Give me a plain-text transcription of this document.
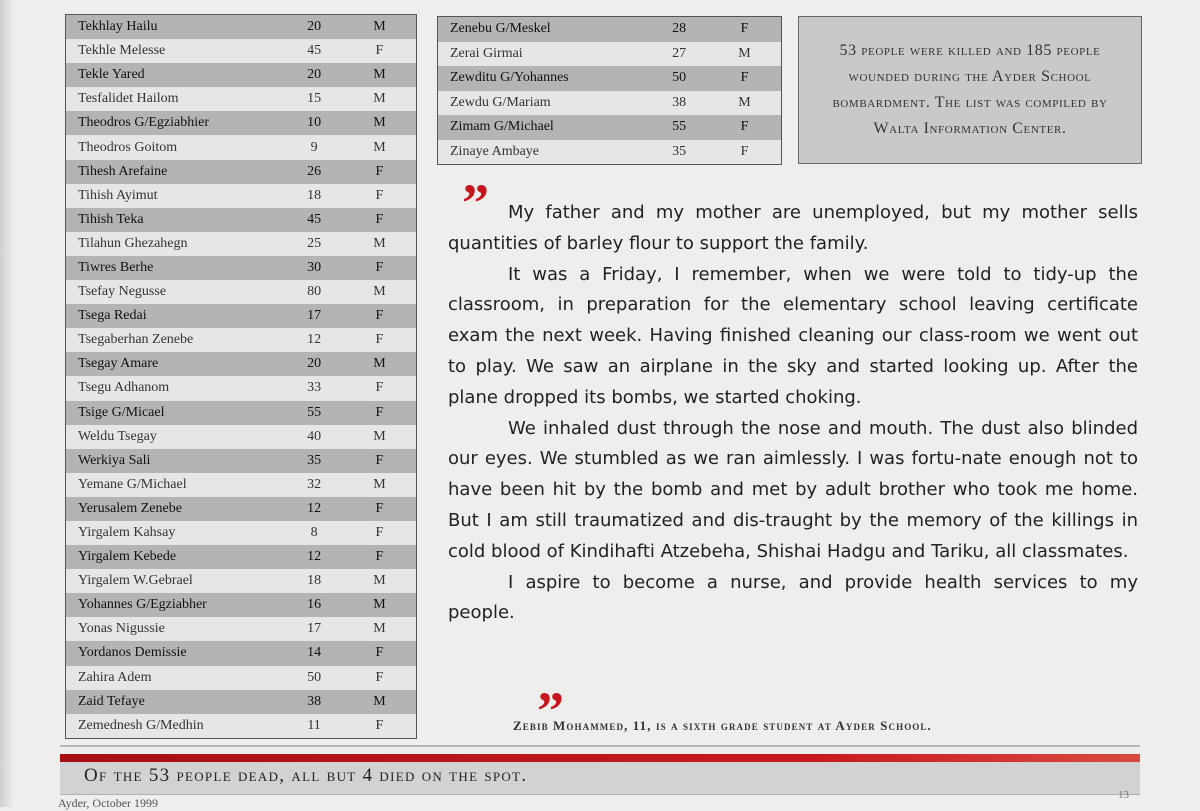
Tekhlay Hailu	20	M
Tekhle Melesse	45	F
Tekle Yared	20	M
Tesfalidet Hailom	15	M
Theodros G/Egziabhier	10	M
Theodros Goitom	9	M
Tihesh Arefaine	26	F
Tihish Ayimut	18	F
Tihish Teka	45	F
Tilahun Ghezahegn	25	M
Tiwres Berhe	30	F
Tsefay Negusse	80	M
Tsega Redai	17	F
Tsegaberhan Zenebe	12	F
Tsegay Amare	20	M
Tsegu Adhanom	33	F
Tsige G/Micael	55	F
Weldu Tsegay	40	M
Werkiya Sali	35	F
Yemane G/Michael	32	M
Yerusalem Zenebe	12	F
Yirgalem Kahsay	8	F
Yirgalem Kebede	12	F
Yirgalem W.Gebrael	18	M
Yohannes G/Egziabher	16	M
Yonas Nigussie	17	M
Yordanos Demissie	14	F
Zahira Adem	50	F
Zaid Tefaye	38	M
Zemednesh G/Medhin	11	F
Zenebu G/Meskel	28	F
Zerai Girmai	27	M
Zewditu G/Yohannes	50	F
Zewdu G/Mariam	38	M
Zimam G/Michael	55	F
Zinaye Ambaye	35	F
53 people were killed and 185 people wounded during the Ayder School bombardment. The list was compiled by Walta Information Center.
”	My father and my mother are unemployed, but my mother sells quantities of barley flour to support the family.

It was a Friday, I remember, when we were told to tidy-up the classroom, in preparation for the elementary school leaving certificate exam the next week. Having finished cleaning our class-room we went out to play. We saw an airplane in the sky and started looking up. After the plane dropped its bombs, we started choking.

We inhaled dust through the nose and mouth. The dust also blinded our eyes. We stumbled as we ran aimlessly. I was fortu-nate enough not to have been hit by the bomb and met by adult brother who took me home. But I am still traumatized and dis-traught by the memory of the killings in cold blood of Kindihafti Atzebeha, Shishai Hadgu and Tariku, all classmates.

I aspire to become a nurse, and provide health services to my people.

”
Zebib Mohammed, 11, is a sixth grade student at Ayder School.
Of the 53 people dead, all but 4 died on the spot.
Ayder, October 1999
13
